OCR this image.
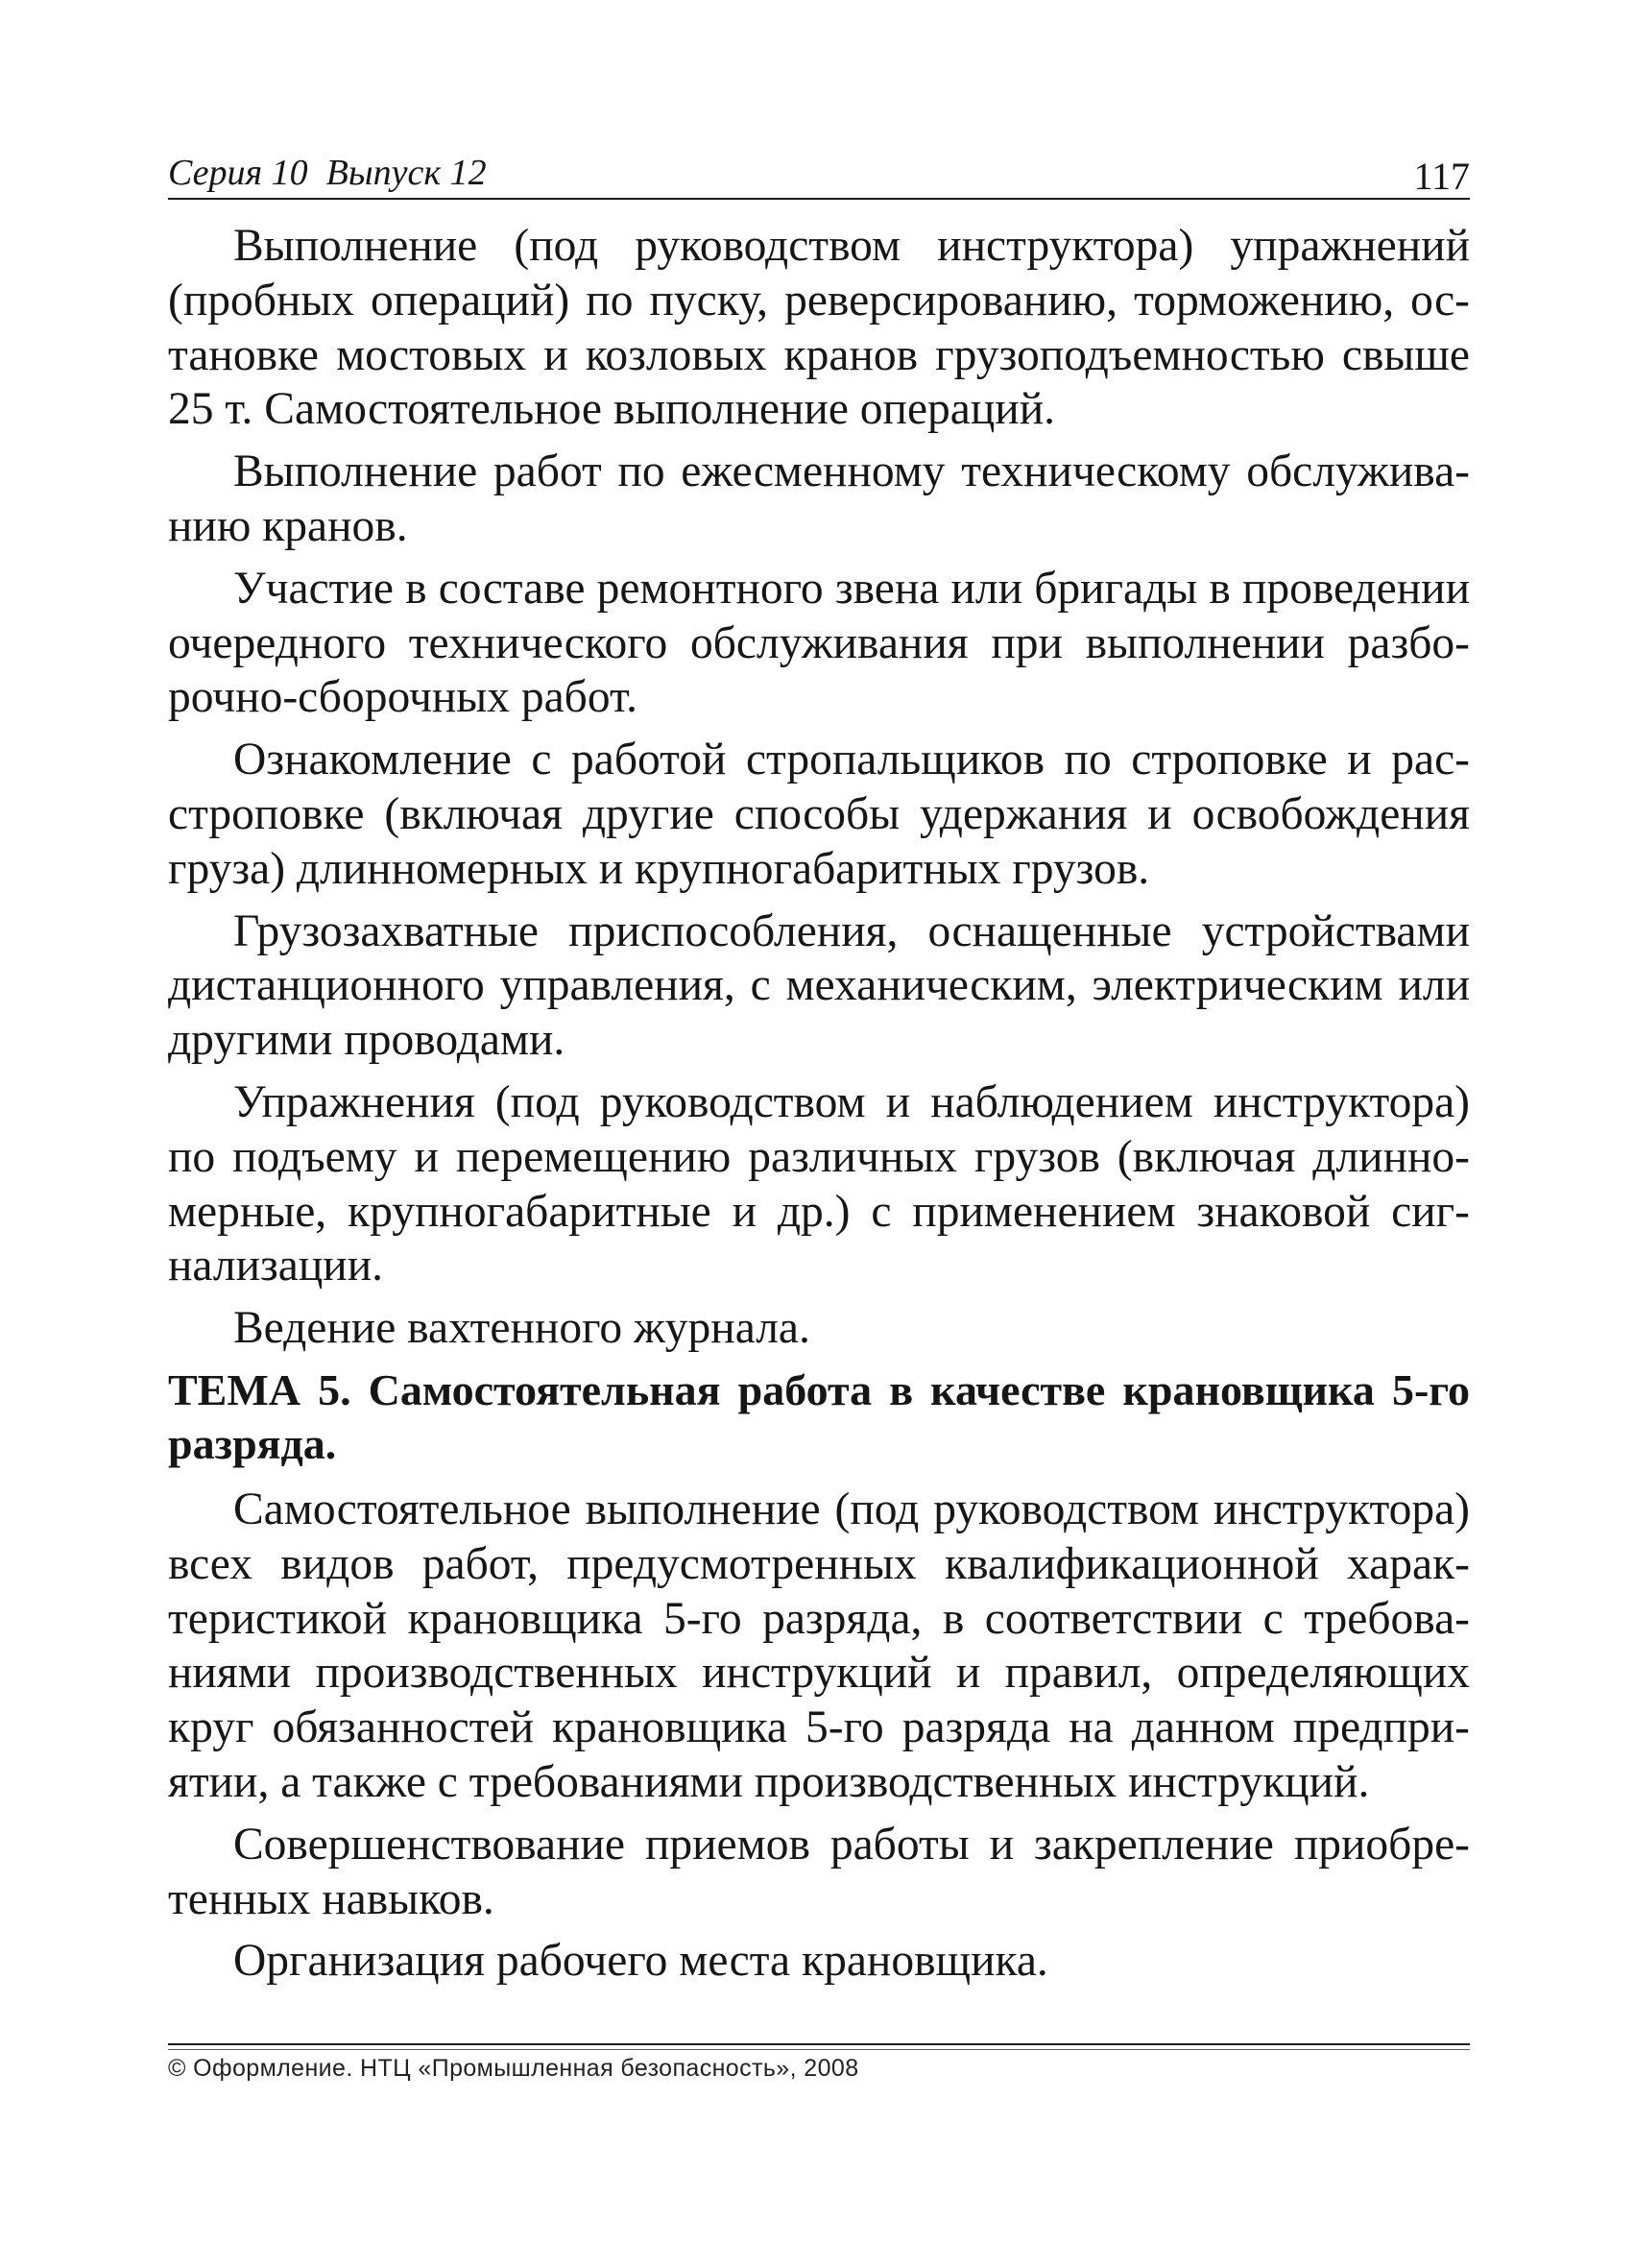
Серия 10  Выпуск 12	117

Выполнение (под руководством инструктора) упражнений (пробных операций) по пуску, реверсированию, торможению, остановке мостовых и козловых кранов грузоподъемностью свыше 25 т. Самостоятельное выполнение операций.

Выполнение работ по ежесменному техническому обслуживанию кранов.

Участие в составе ремонтного звена или бригады в проведении очередного технического обслуживания при выполнении разборочно-сборочных работ.

Ознакомление с работой стропальщиков по строповке и расстроповке (включая другие способы удержания и освобождения груза) длинномерных и крупногабаритных грузов.

Грузозахватные приспособления, оснащенные устройствами дистанционного управления, с механическим, электрическим или другими проводами.

Упражнения (под руководством и наблюдением инструктора) по подъему и перемещению различных грузов (включая длинномерные, крупногабаритные и др.) с применением знаковой сигнализации.

Ведение вахтенного журнала.

ТЕМА 5. Самостоятельная работа в качестве крановщика 5-го разряда.

Самостоятельное выполнение (под руководством инструктора) всех видов работ, предусмотренных квалификационной характеристикой крановщика 5-го разряда, в соответствии с требованиями производственных инструкций и правил, определяющих круг обязанностей крановщика 5-го разряда на данном предприятии, а также с требованиями производственных инструкций.

Совершенствование приемов работы и закрепление приобретенных навыков.

Организация рабочего места крановщика.

© Оформление. НТЦ «Промышленная безопасность», 2008
